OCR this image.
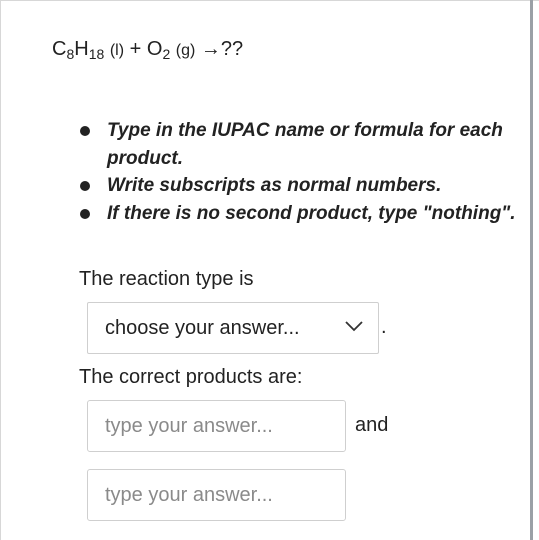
$C_8H_{18}$ $(l) + O_2$ (g) →??
Type in the IUPAC name or formula for each product.
Write subscripts as normal numbers.
If there is no second product, type "nothing".
The reaction type is
choose your answer...	.
The correct products are:
type your answer...
and
type your answer...
